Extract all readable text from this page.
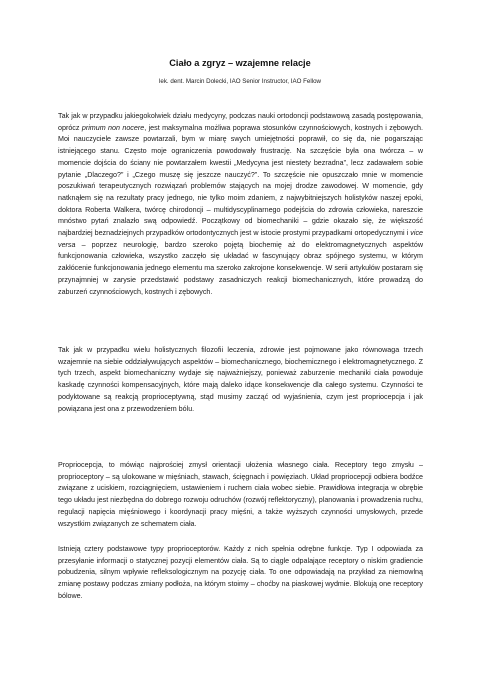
Ciało a zgryz – wzajemne relacje
lek. dent. Marcin Dolecki, IAO Senior Instructor, IAO Fellow

Tak jak w przypadku jakiegokolwiek działu medycyny, podczas nauki ortodoncji podstawową zasadą postępowania, oprócz primum non nocere, jest maksymalna możliwa poprawa stosunków czynnościowych, kostnych i zębowych. Moi nauczyciele zawsze powtarzali, bym w miarę swych umiejętności poprawił, co się da, nie pogarszając istniejącego stanu. Często moje ograniczenia powodowały frustrację. Na szczęście była ona twórcza – w momencie dojścia do ściany nie powtarzałem kwestii „Medycyna jest niestety bezradna”, lecz zadawałem sobie pytanie „Dlaczego?” i „Czego muszę się jeszcze nauczyć?”. To szczęście nie opuszczało mnie w momencie poszukiwań terapeutycznych rozwiązań problemów stających na mojej drodze zawodowej. W momencie, gdy natknąłem się na rezultaty pracy jednego, nie tylko moim zdaniem, z najwybitniejszych holistyków naszej epoki, doktora Roberta Walkera, twórcę chirodoncji – multidyscyplinarnego podejścia do zdrowia człowieka, nareszcie mnóstwo pytań znalazło swą odpowiedź. Początkowy od biomechaniki – gdzie okazało się, że większość najbardziej beznadziejnych przypadków ortodontycznych jest w istocie prostymi przypadkami ortopedycznymi i vice versa – poprzez neurologię, bardzo szeroko pojętą biochemię aż do elektromagnetycznych aspektów funkcjonowania człowieka, wszystko zaczęło się układać w fascynujący obraz spójnego systemu, w którym zakłócenie funkcjonowania jednego elementu ma szeroko zakrojone konsekwencje. W serii artykułów postaram się przynajmniej w zarysie przedstawić podstawy zasadniczych reakcji biomechanicznych, które prowadzą do zaburzeń czynnościowych, kostnych i zębowych.

Tak jak w przypadku wielu holistycznych filozofii leczenia, zdrowie jest pojmowane jako równowaga trzech wzajemnie na siebie oddziaływujących aspektów – biomechanicznego, biochemicznego i elektromagnetycznego. Z tych trzech, aspekt biomechaniczny wydaje się najważniejszy, ponieważ zaburzenie mechaniki ciała powoduje kaskadę czynności kompensacyjnych, które mają daleko idące konsekwencje dla całego systemu. Czynności te podyktowane są reakcją proprioceptywną, stąd musimy zacząć od wyjaśnienia, czym jest propriocepcja i jak powiązana jest ona z przewodzeniem bólu.

Propriocepcja, to mówiąc najprościej zmysł orientacji ułożenia własnego ciała. Receptory tego zmysłu – proprioceptory – są ulokowane w mięśniach, stawach, ścięgnach i powięziach. Układ propriocepcji odbiera bodźce związane z uciskiem, rozciągnięciem, ustawieniem i ruchem ciała wobec siebie. Prawidłowa integracja w obrębie tego układu jest niezbędna do dobrego rozwoju odruchów (rozwój reflektoryczny), planowania i prowadzenia ruchu, regulacji napięcia mięśniowego i koordynacji pracy mięśni, a także wyższych czynności umysłowych, przede wszystkim związanych ze schematem ciała.

Istnieją cztery podstawowe typy proprioceptorów. Każdy z nich spełnia odrębne funkcje. Typ I odpowiada za przesyłanie informacji o statycznej pozycji elementów ciała. Są to ciągle odpalające receptory o niskim gradiencie pobudzenia, silnym wpływie refleksologicznym na pozycję ciała. To one odpowiadają na przykład za niemowlną zmianę postawy podczas zmiany podłoża, na którym stoimy – choćby na piaskowej wydmie. Blokują one receptory bólowe.
